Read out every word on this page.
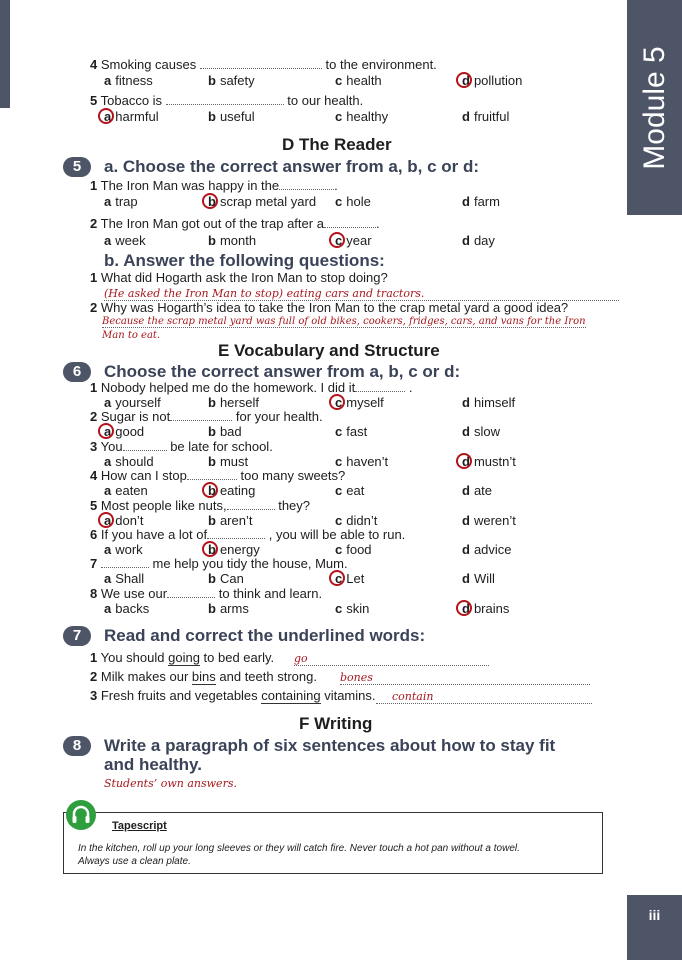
Module 5
4 Smoking causes	to the environment.
a fitness	b safety	c health	d pollution
5 Tobacco is	to our health.
a harmful	b useful	c healthy	d fruitful
D The Reader
5	a. Choose the correct answer from a, b, c or d:
1 The Iron Man was happy in the	.
a trap	b scrap metal yard c hole	d farm
2 The Iron Man got out of the trap after a	.
a week	b month	c year	d day
b. Answer the following questions:
1 What did Hogarth ask the Iron Man to stop doing?
(He asked the Iron Man to stop) eating cars and tractors.
2 Why was Hogarth’s idea to take the Iron Man to the crap metal yard a good idea?
Because the scrap metal yard was full of old bikes, cookers, fridges, cars, and vans for the Iron
Man to eat.
E Vocabulary and Structure
6	Choose the correct answer from a, b, c or d:
1 Nobody helped me do the homework. I did it	.
a yourself	b herself	c myself	d himself
2 Sugar is not	for your health.
a good	b bad	c fast	d slow
3 You	be late for school.
a should	b must	c haven’t	d mustn’t
4 How can I stop	too many sweets?
a eaten	b eating	c eat	d ate
5 Most people like nuts,	they?
a don’t	b aren’t	c didn’t	d weren’t
6 If you have a lot of	, you will be able to run.
a work	b energy	c food	d advice
7	me help you tidy the house, Mum.
a Shall	b Can	c Let	d Will
8 We use our	to think and learn.
a backs	b arms	c skin	d brains
7	Read and correct the underlined words:
1 You should going to bed early. go
2 Milk makes our bins and teeth strong. bones
3 Fresh fruits and vegetables containing vitamins.	contain
F Writing
8	Write a paragraph of six sentences about how to stay fit
and healthy.
Students’ own answers.
Tapescript
In the kitchen, roll up your long sleeves or they will catch fire. Never touch a hot pan without a towel.
Always use a clean plate.
iii
